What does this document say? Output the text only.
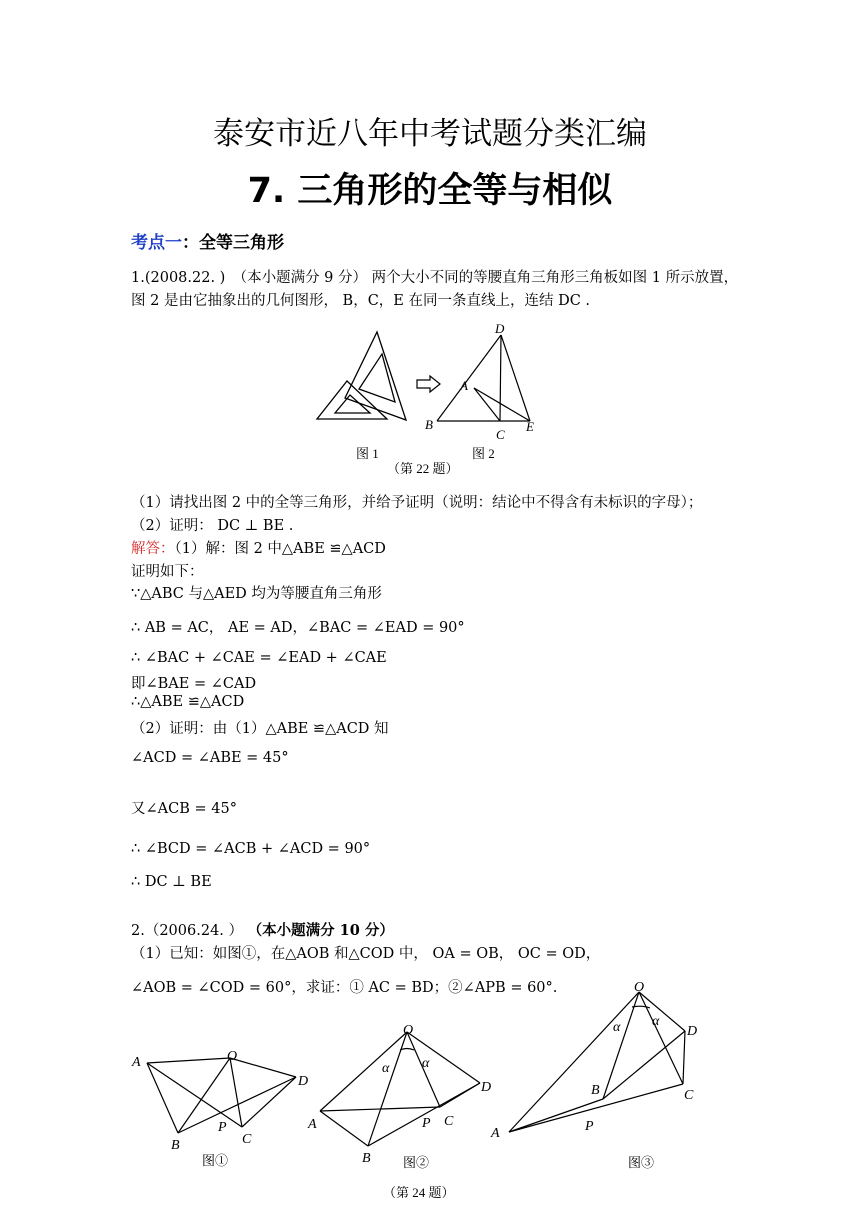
泰安市近八年中考试题分类汇编
7. 三角形的全等与相似
考点一：全等三角形
1.(2008.22. )　（本小题满分 9 分） 两个大小不同的等腰直角三角形三角板如图 1 所示放置，
图 2 是由它抽象出的几何图形， B，C，E 在同一条直线上，连结 DC .
D
A
B
C
E
图 1	图 2
（第 22 题）
（1）请找出图 2 中的全等三角形，并给予证明（说明：结论中不得含有未标识的字母）；
（2）证明： DC ⊥ BE .
解答：（1）解：图 2 中△ABE ≌△ACD
证明如下：
∵△ABC 与△AED 均为等腰直角三角形
∴ AB = AC， AE = AD，∠BAC = ∠EAD = 90°
∴ ∠BAC + ∠CAE = ∠EAD + ∠CAE
即∠BAE = ∠CAD
∴△ABE ≌△ACD
（2）证明：由（1）△ABE ≌△ACD 知
∠ACD = ∠ABE = 45°
又∠ACB = 45°
∴ ∠BCD = ∠ACB + ∠ACD = 90°
∴ DC ⊥ BE
2.（2006.24. ） （本小题满分 10 分）
（1）已知：如图①，在△AOB 和△COD 中， OA = OB， OC = OD，
∠AOB = ∠COD = 60°，求证：① AC = BD；②∠APB = 60°.
O
A
B	C
D
P
图①
O
α α
A
B
C
D
P
图②
O
α α
D
C
B
P
A
图③
（第 24 题）
